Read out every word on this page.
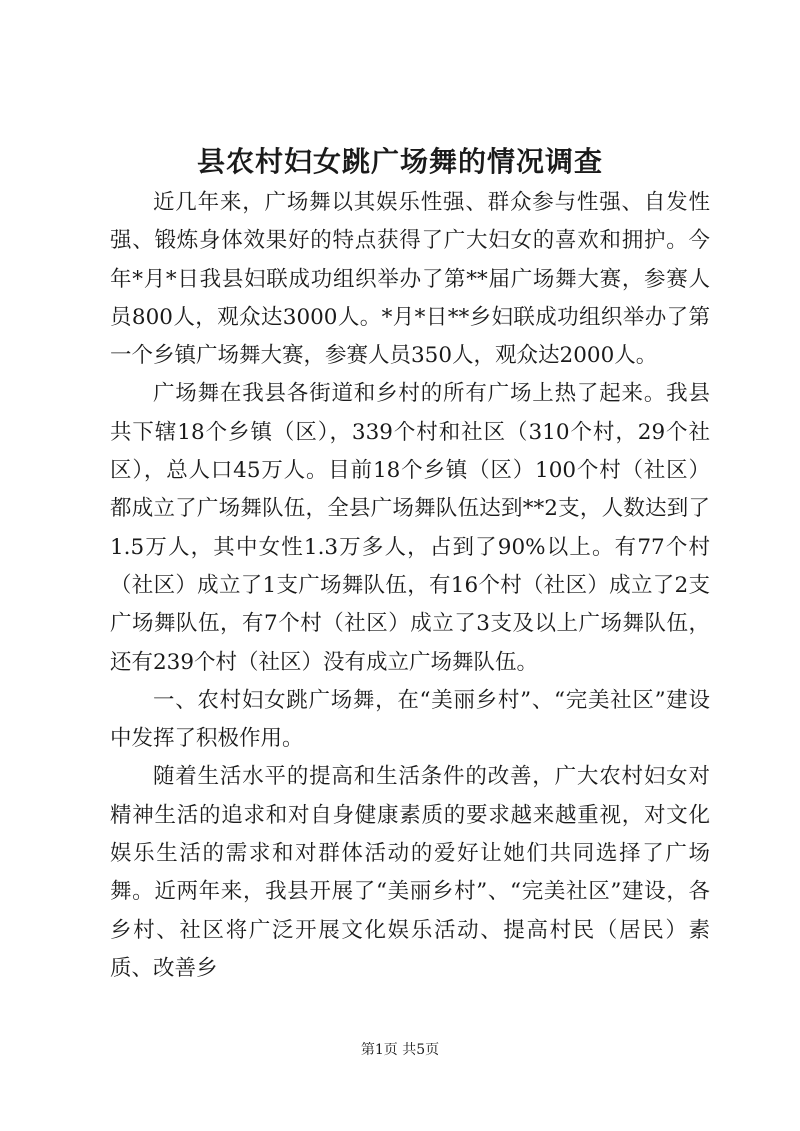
县农村妇女跳广场舞的情况调查

近几年来，广场舞以其娱乐性强、群众参与性强、自发性强、锻炼身体效果好的特点获得了广大妇女的喜欢和拥护。今年*月*日我县妇联成功组织举办了第**届广场舞大赛，参赛人员800人，观众达3000人。*月*日**乡妇联成功组织举办了第一个乡镇广场舞大赛，参赛人员350人，观众达2000人。

广场舞在我县各街道和乡村的所有广场上热了起来。我县共下辖18个乡镇（区），339个村和社区（310个村，29个社区），总人口45万人。目前18个乡镇（区）100个村（社区）都成立了广场舞队伍，全县广场舞队伍达到**2支，人数达到了1.5万人，其中女性1.3万多人，占到了90%以上。有77个村（社区）成立了1支广场舞队伍，有16个村（社区）成立了2支广场舞队伍，有7个村（社区）成立了3支及以上广场舞队伍，还有239个村（社区）没有成立广场舞队伍。

一、农村妇女跳广场舞，在“美丽乡村”、“完美社区”建设中发挥了积极作用。

随着生活水平的提高和生活条件的改善，广大农村妇女对精神生活的追求和对自身健康素质的要求越来越重视，对文化娱乐生活的需求和对群体活动的爱好让她们共同选择了广场舞。近两年来，我县开展了“美丽乡村”、“完美社区”建设，各乡村、社区将广泛开展文化娱乐活动、提高村民（居民）素质、改善乡

第1页 共5页
